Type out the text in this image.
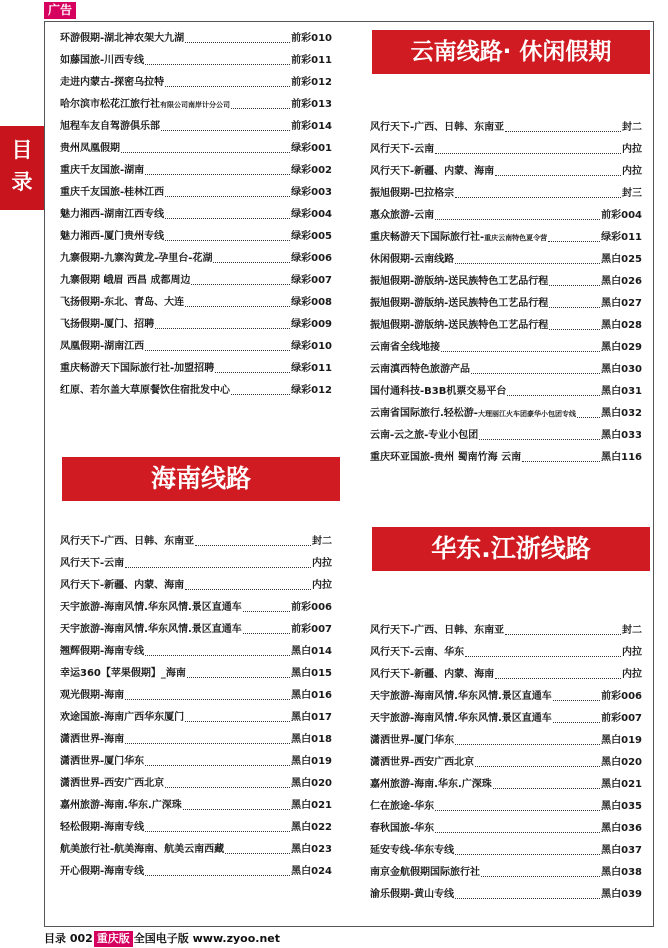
广告
目
录
环游假期-湖北神农架大九湖	前彩010
如藤国旅-川西专线	前彩011
走进内蒙古-探密乌拉特	前彩012
哈尔滨市松花江旅行社有限公司南岸计分公司	前彩013
旭程车友自驾游俱乐部	前彩014
贵州凤凰假期	绿彩001
重庆千友国旅-湖南	绿彩002
重庆千友国旅-桂林江西	绿彩003
魅力湘西-湖南江西专线	绿彩004
魅力湘西-厦门贵州专线	绿彩005
九寨假期-九寨沟黄龙-孕里台-花湖	绿彩006
九寨假期 峨眉 西昌 成都周边	绿彩007
飞扬假期-东北、青岛、大连	绿彩008
飞扬假期-厦门、招聘	绿彩009
凤凰假期-湖南江西	绿彩010
重庆畅游天下国际旅行社-加盟招聘	绿彩011
红原、若尔盖大草原餐饮住宿批发中心	绿彩012
海南线路
风行天下-广西、日韩、东南亚	封二
风行天下-云南	内拉
风行天下-新疆、内蒙、海南	内拉
天宇旅游-海南风情.华东风情.景区直通车	前彩006
天宇旅游-海南风情.华东风情.景区直通车	前彩007
翘辉假期-海南专线	黑白014
幸运360【苹果假期】_海南	黑白015
观光假期-海南	黑白016
欢途国旅-海南广西华东厦门	黑白017
潇洒世界-海南	黑白018
潇洒世界-厦门华东	黑白019
潇洒世界-西安广西北京	黑白020
嘉州旅游-海南.华东.广深珠	黑白021
轻松假期-海南专线	黑白022
航美旅行社-航美海南、航美云南西藏	黑白023
开心假期-海南专线	黑白024
云南线路· 休闲假期
风行天下-广西、日韩、东南亚	封二
风行天下-云南	内拉
风行天下-新疆、内蒙、海南	内拉
振旭假期-巴拉格宗	封三
惠众旅游-云南	前彩004
重庆畅游天下国际旅行社-重庆云南特色夏令营	绿彩011
休闲假期-云南线路	黑白025
振旭假期-游版纳-送民族特色工艺品行程	黑白026
振旭假期-游版纳-送民族特色工艺品行程	黑白027
振旭假期-游版纳-送民族特色工艺品行程	黑白028
云南省全线地接	黑白029
云南滇西特色旅游产品	黑白030
国付通科技-B3B机票交易平台	黑白031
云南省国际旅行.轻松游-大理丽江火车团豪华小包团专线	黑白032
云南-云之旅-专业小包团	黑白033
重庆环亚国旅-贵州 蜀南竹海 云南	黑白116
华东.江浙线路
风行天下-广西、日韩、东南亚	封二
风行天下-云南、华东	内拉
风行天下-新疆、内蒙、海南	内拉
天宇旅游-海南风情.华东风情.景区直通车	前彩006
天宇旅游-海南风情.华东风情.景区直通车	前彩007
潇洒世界-厦门华东	黑白019
潇洒世界-西安广西北京	黑白020
嘉州旅游-海南.华东.广深珠	黑白021
仁在旅途-华东	黑白035
春秋国旅-华东	黑白036
延安专线-华东专线	黑白037
南京金航假期国际旅行社	黑白038
渝乐假期-黄山专线	黑白039
目录 002 重庆版 全国电子版 www.zyoo.net
